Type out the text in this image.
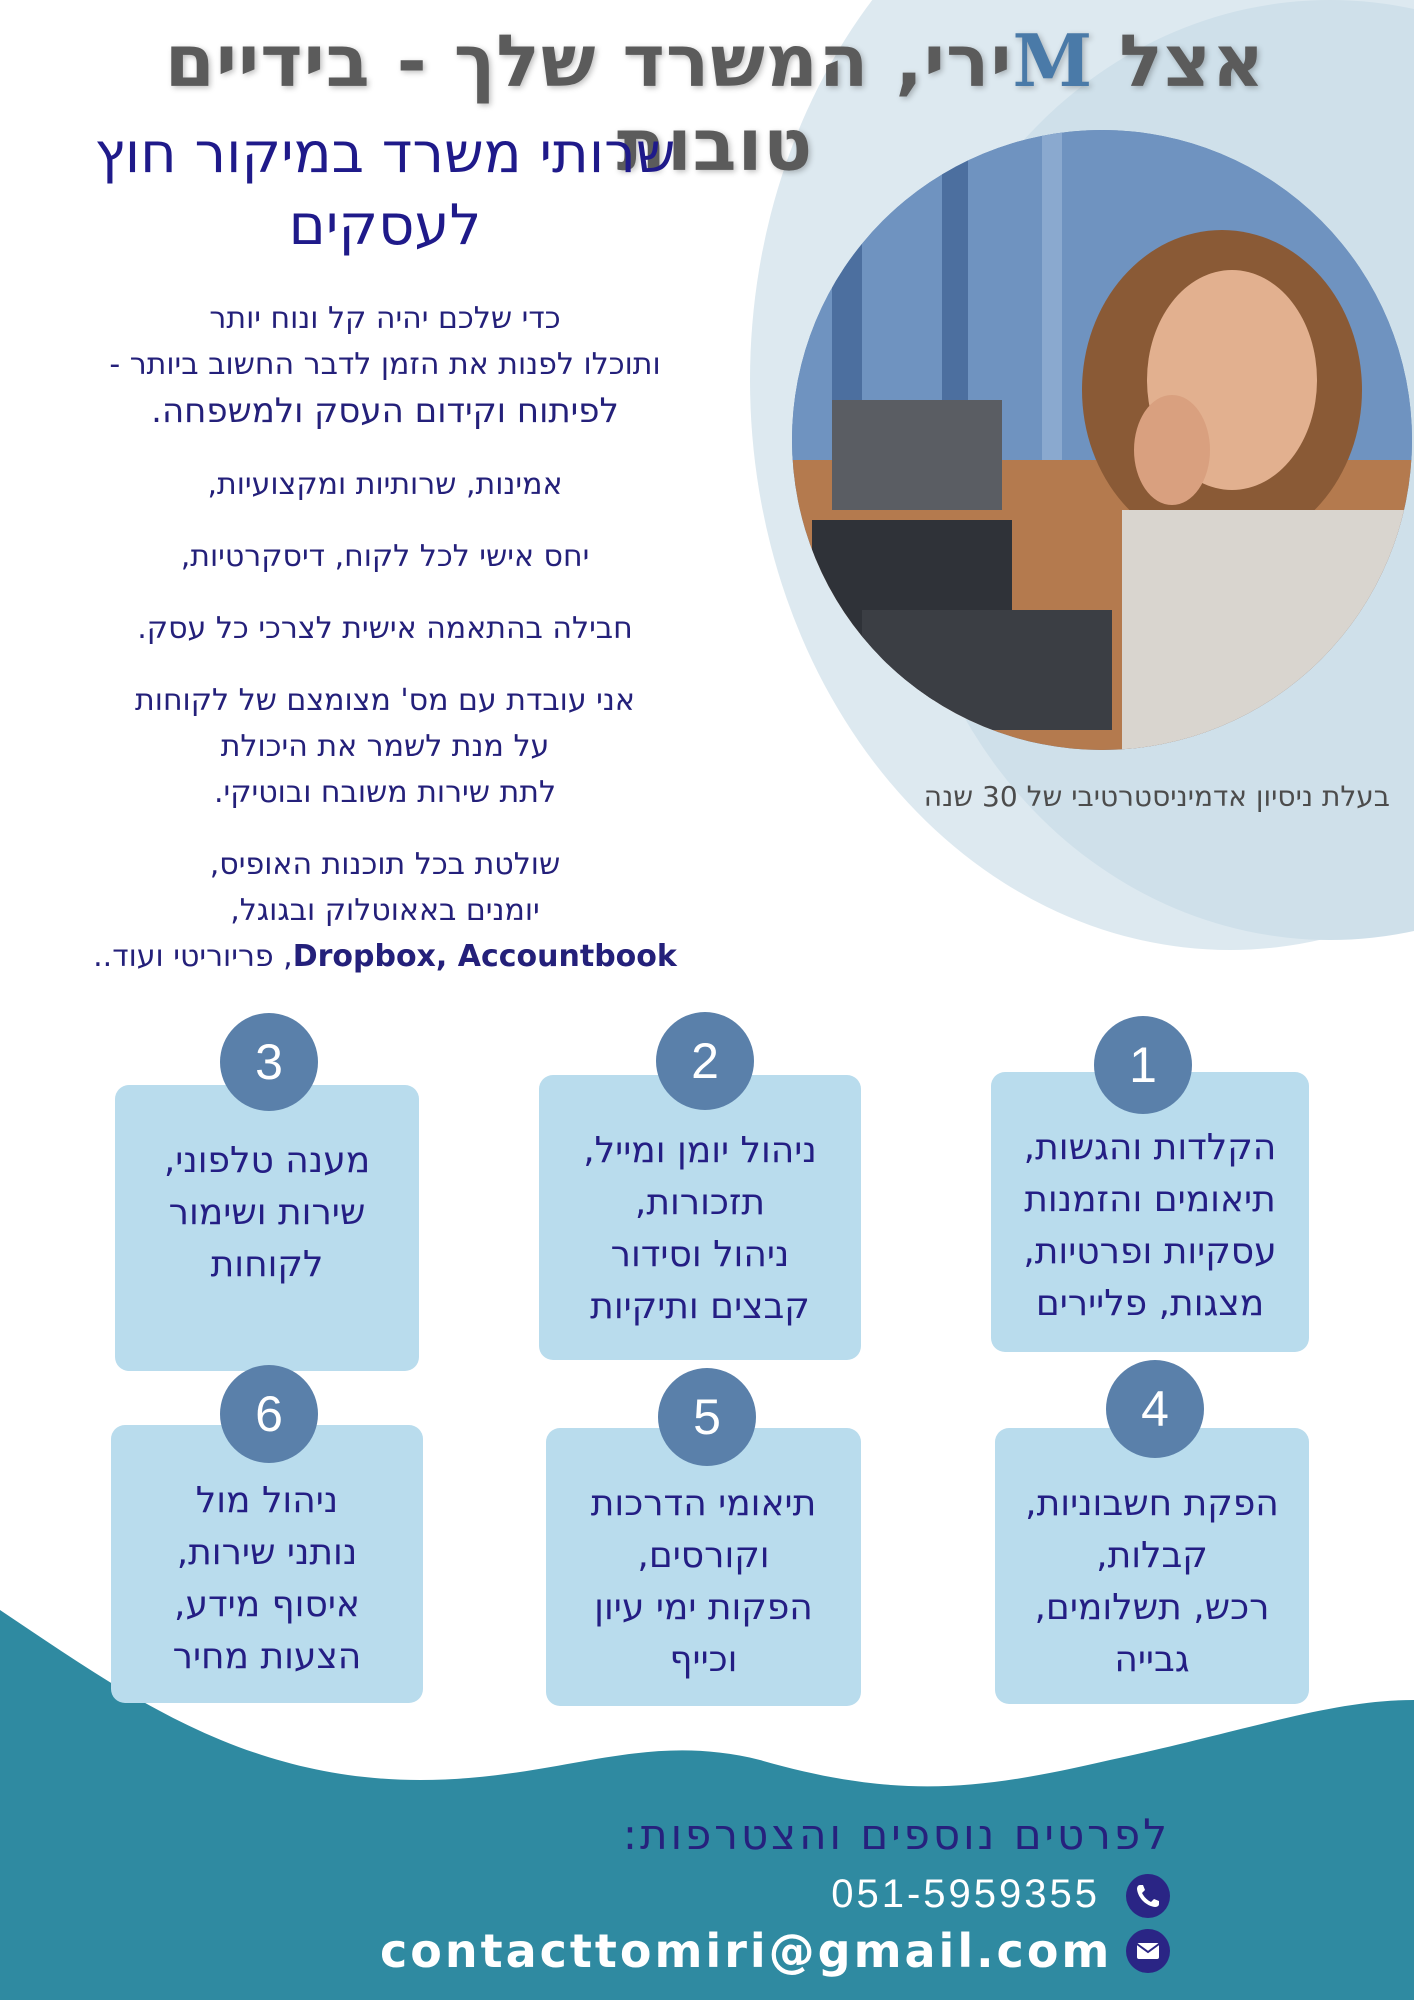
אצל Mירי, המשרד שלך - בידיים טובות
שרותי משרד במיקור חוץ לעסקים

כדי שלכם יהיה קל ונוח יותר
ותוכלו לפנות את הזמן לדבר החשוב ביותר -
לפיתוח וקידום העסק ולמשפחה.

אמינות, שרותיות ומקצועיות,

יחס אישי לכל לקוח, דיסקרטיות,

חבילה בהתאמה אישית לצרכי כל עסק.

אני עובדת עם מס' מצומצם של לקוחות
על מנת לשמר את היכולת
לתת שירות משובח ובוטיקי.

שולטת בכל תוכנות האופיס,
יומנים באאוטלוק ובגוגל,
Dropbox, Accountbook, פריוריטי ועוד..

בעלת ניסיון אדמיניסטרטיבי של 30 שנה
הקלדות והגשות,
תיאומים והזמנות
עסקיות ופרטיות,
מצגות, פליירים
1
ניהול יומן ומייל,
תזכורות,
ניהול וסידור
קבצים ותיקיות
2
מענה טלפוני,
שירות ושימור
לקוחות
3
הפקת חשבוניות,
קבלות,
רכש, תשלומים,
גבייה
4
תיאומי הדרכות
וקורסים,
הפקות ימי עיון
וכייף
5
ניהול מול
נותני שירות,
איסוף מידע,
הצעות מחיר
6
לפרטים נוספים והצטרפות:
051-5959355
contacttomiri@gmail.com
